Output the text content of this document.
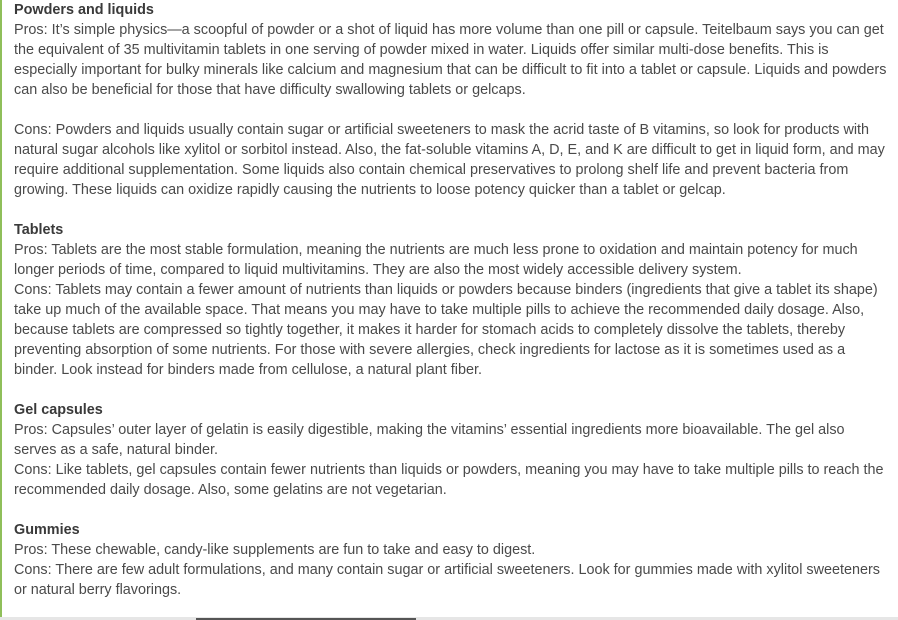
Powders and liquids

Pros: It’s simple physics—a scoopful of powder or a shot of liquid has more volume than one pill or capsule. Teitelbaum says you can get the equivalent of 35 multivitamin tablets in one serving of powder mixed in water. Liquids offer similar multi-dose benefits. This is especially important for bulky minerals like calcium and magnesium that can be difficult to fit into a tablet or capsule. Liquids and powders can also be beneficial for those that have difficulty swallowing tablets or gelcaps.

Cons: Powders and liquids usually contain sugar or artificial sweeteners to mask the acrid taste of B vitamins, so look for products with natural sugar alcohols like xylitol or sorbitol instead. Also, the fat-soluble vitamins A, D, E, and K are difficult to get in liquid form, and may require additional supplementation. Some liquids also contain chemical preservatives to prolong shelf life and prevent bacteria from growing. These liquids can oxidize rapidly causing the nutrients to loose potency quicker than a tablet or gelcap.

Tablets

Pros: Tablets are the most stable formulation, meaning the nutrients are much less prone to oxidation and maintain potency for much longer periods of time, compared to liquid multivitamins. They are also the most widely accessible delivery system.

Cons: Tablets may contain a fewer amount of nutrients than liquids or powders because binders (ingredients that give a tablet its shape) take up much of the available space. That means you may have to take multiple pills to achieve the recommended daily dosage. Also, because tablets are compressed so tightly together, it makes it harder for stomach acids to completely dissolve the tablets, thereby preventing absorption of some nutrients. For those with severe allergies, check ingredients for lactose as it is sometimes used as a binder. Look instead for binders made from cellulose, a natural plant fiber.

Gel capsules

Pros: Capsules’ outer layer of gelatin is easily digestible, making the vitamins’ essential ingredients more bioavailable. The gel also serves as a safe, natural binder.

Cons: Like tablets, gel capsules contain fewer nutrients than liquids or powders, meaning you may have to take multiple pills to reach the recommended daily dosage. Also, some gelatins are not vegetarian.

Gummies

Pros: These chewable, candy-like supplements are fun to take and easy to digest.

Cons: There are few adult formulations, and many contain sugar or artificial sweeteners. Look for gummies made with xylitol sweeteners or natural berry flavorings.
